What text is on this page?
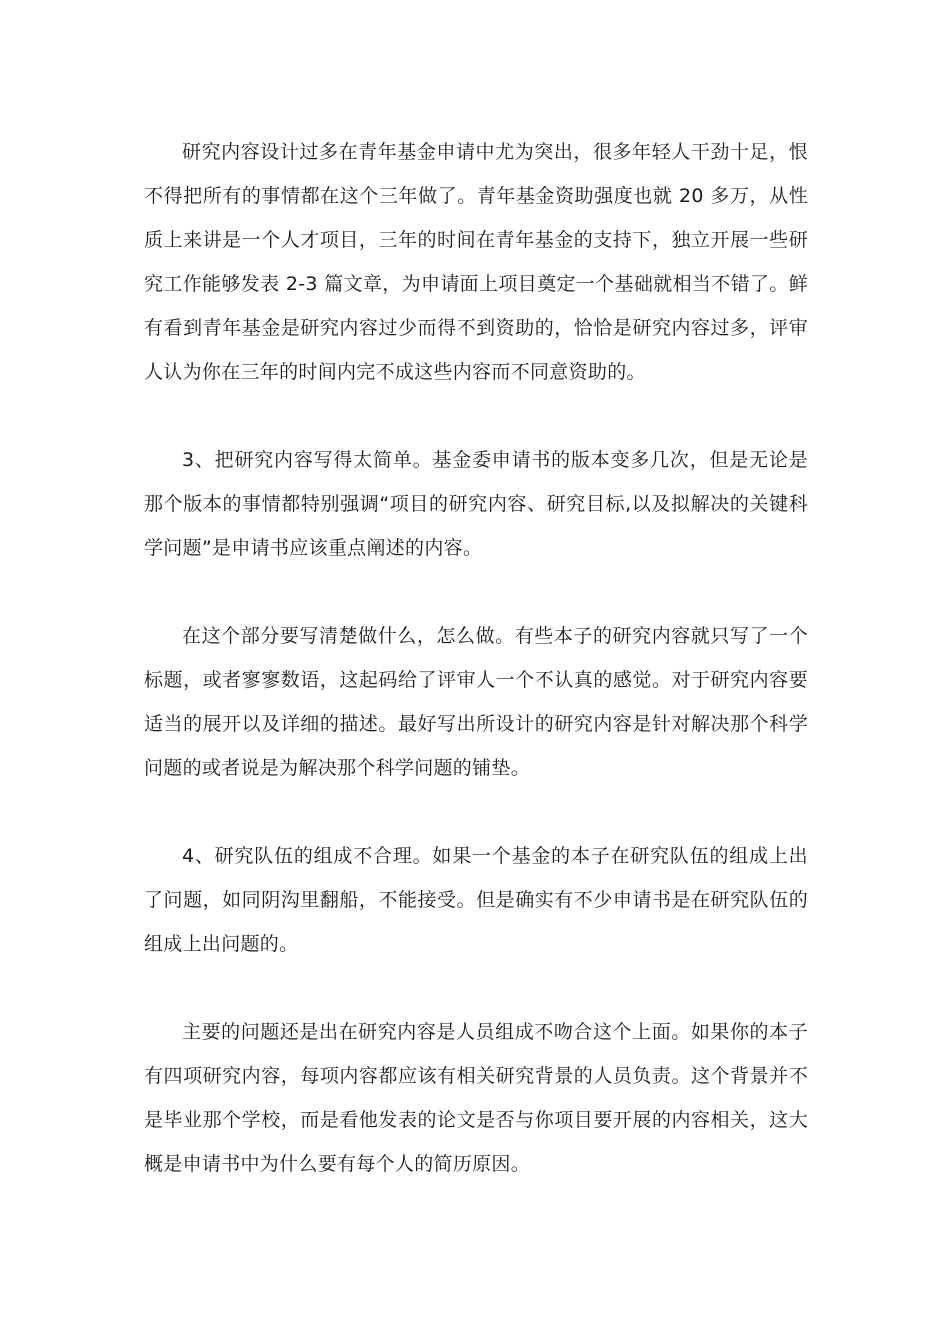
研究内容设计过多在青年基金申请中尤为突出，很多年轻人干劲十足，恨不得把所有的事情都在这个三年做了。青年基金资助强度也就 20 多万，从性质上来讲是一个人才项目，三年的时间在青年基金的支持下，独立开展一些研究工作能够发表 2-3 篇文章，为申请面上项目奠定一个基础就相当不错了。鲜有看到青年基金是研究内容过少而得不到资助的，恰恰是研究内容过多，评审人认为你在三年的时间内完不成这些内容而不同意资助的。

3、把研究内容写得太简单。基金委申请书的版本变多几次，但是无论是那个版本的事情都特别强调“项目的研究内容、研究目标,以及拟解决的关键科学问题”是申请书应该重点阐述的内容。

在这个部分要写清楚做什么，怎么做。有些本子的研究内容就只写了一个标题，或者寥寥数语，这起码给了评审人一个不认真的感觉。对于研究内容要适当的展开以及详细的描述。最好写出所设计的研究内容是针对解决那个科学问题的或者说是为解决那个科学问题的铺垫。

4、研究队伍的组成不合理。如果一个基金的本子在研究队伍的组成上出了问题，如同阴沟里翻船，不能接受。但是确实有不少申请书是在研究队伍的组成上出问题的。

主要的问题还是出在研究内容是人员组成不吻合这个上面。如果你的本子有四项研究内容，每项内容都应该有相关研究背景的人员负责。这个背景并不是毕业那个学校，而是看他发表的论文是否与你项目要开展的内容相关，这大概是申请书中为什么要有每个人的简历原因。
